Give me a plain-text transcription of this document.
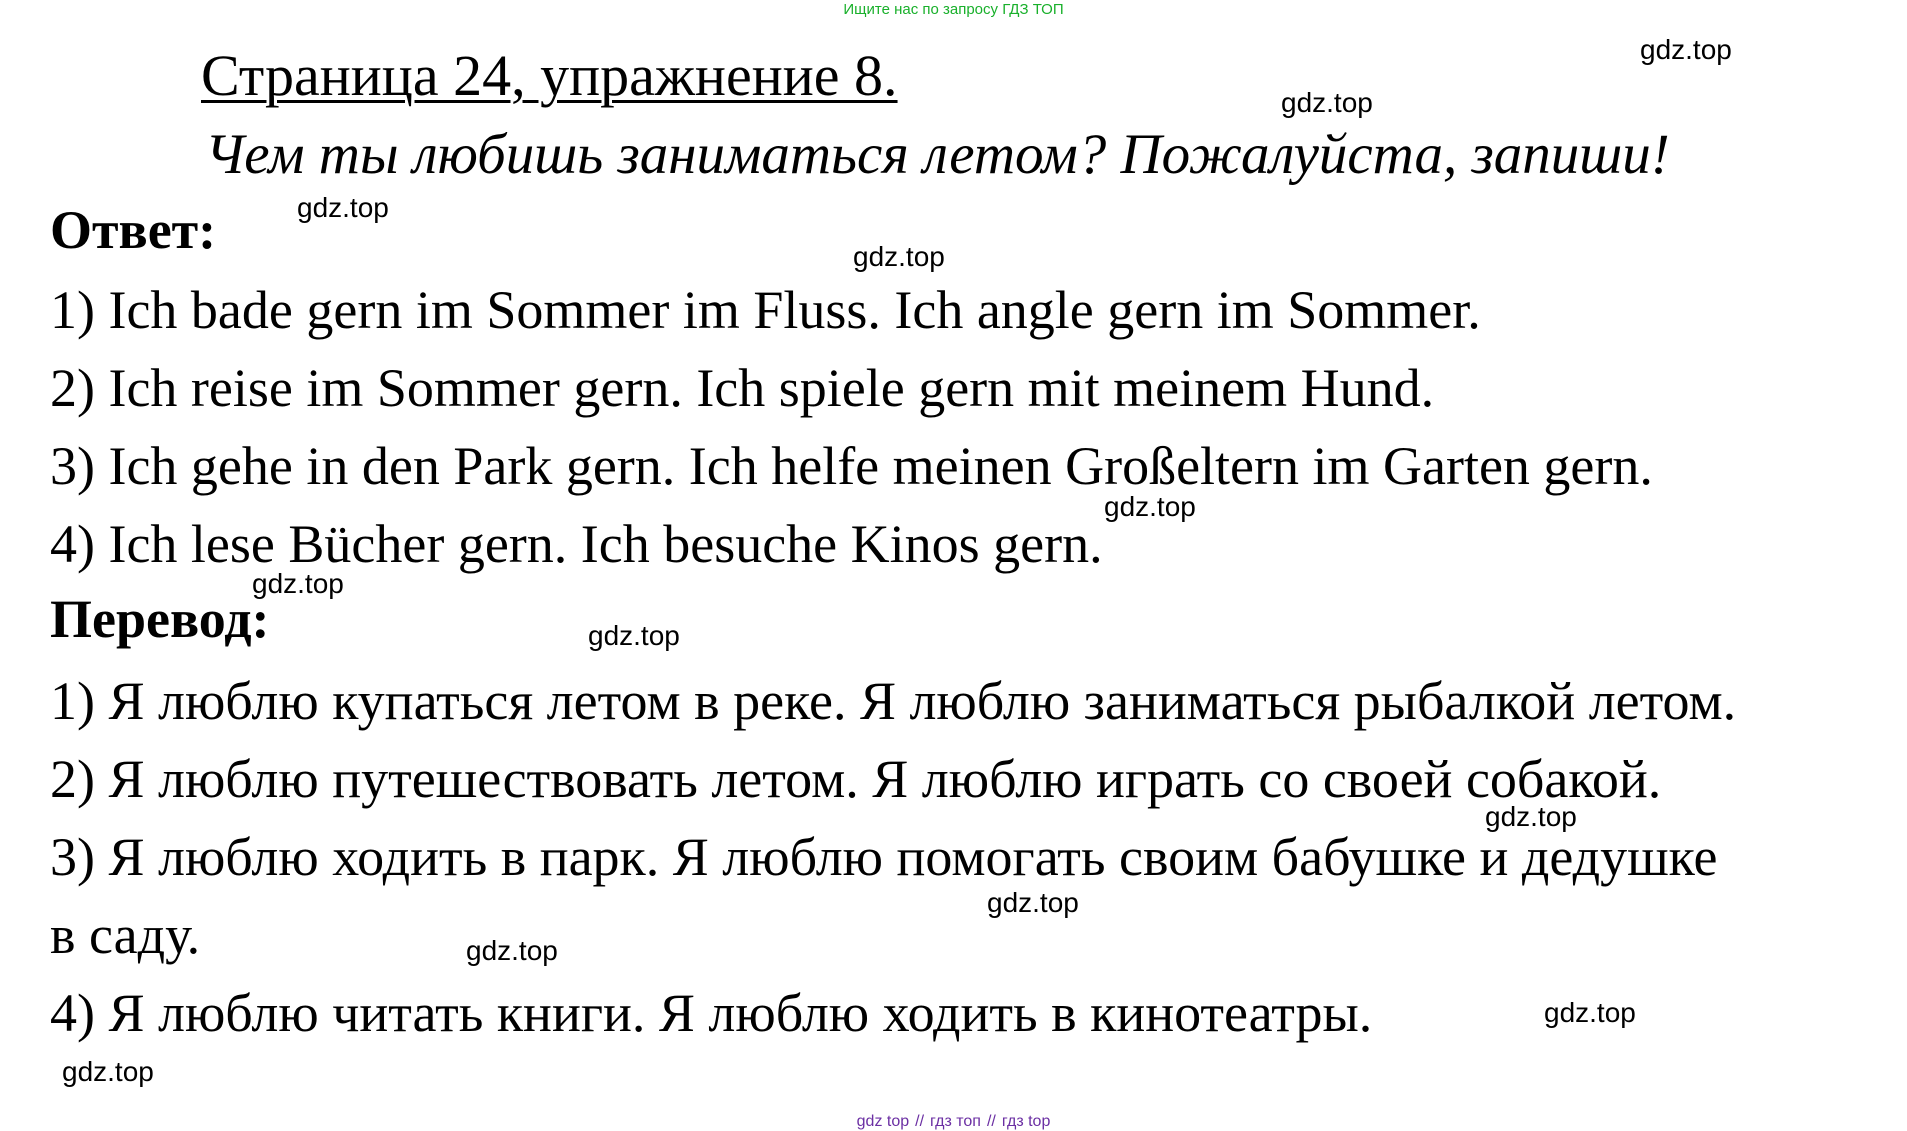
Ищите нас по запросу ГДЗ ТОП

Страница 24, упражнение 8.

Чем ты любишь заниматься летом? Пожалуйста, запиши!

Ответ:

1) Ich bade gern im Sommer im Fluss. Ich angle gern im Sommer.

2) Ich reise im Sommer gern. Ich spiele gern mit meinem Hund.

3) Ich gehe in den Park gern. Ich helfe meinen Großeltern im Garten gern.

4) Ich lese Bücher gern. Ich besuche Kinos gern.

Перевод:

1) Я люблю купаться летом в реке. Я люблю заниматься рыбалкой летом.

2) Я люблю путешествовать летом. Я люблю играть со своей собакой.

3) Я люблю ходить в парк. Я люблю помогать своим бабушке и дедушке

в саду.

4) Я люблю читать книги. Я люблю ходить в кинотеатры.

gdz.top
gdz.top
gdz.top
gdz.top
gdz.top
gdz.top
gdz.top
gdz.top
gdz.top
gdz.top
gdz.top
gdz.top

gdz top // гдз топ // гдз top
